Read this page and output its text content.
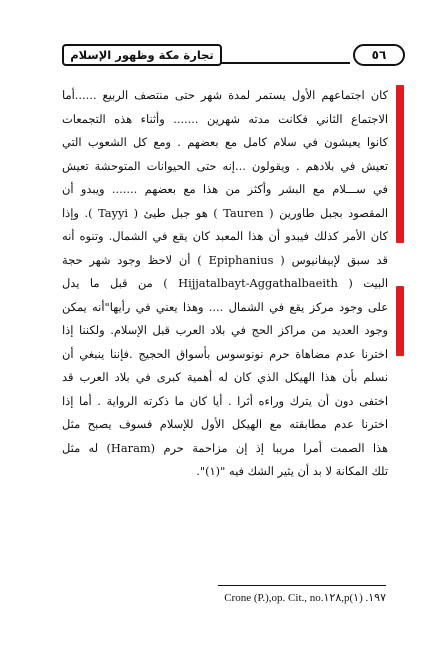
تجارة مكة وظهور الإسلام	٥٦
كان اجتماعهم الأول يستمر لمدة شهر حتى منتصف الربيع ......أما
الاجتماع الثاني فكانت مدته شهرين ....... وأثناء هذه التجمعات
كانوا يعيشون في سلام كامل مع بعضهم . ومع كل الشعوب التي
تعيش في بلادهم . ويقولون ...إنه حتى الحيوانات المتوحشة تعيش
في ســـلام مع البشر وأكثر من هذا مع بعضهم ....... ويبدو أن
المقصود بجبل طاورين ( Tauren ) هو جبل طيئ ( Tayyi ). وإذا
كان الأمر كذلك فيبدو أن هذا المعبد كان يقع في الشمال. وتنوه أنه
قد سبق لإبيفانيوس ( Epiphanius ) أن لاحظ وجود شهر حجة
البيت ( Hijjatalbayt-Aggathalbaeith ) من قبل ما يدل
على وجود مركز يقع في الشمال .... وهذا يعني في رأيها"أنه يمكن
وجود العديد من مراكز الحج في بلاد العرب قبل الإسلام. ولكننا إذا
اخترنا عدم مضاهاة حرم نونوسوس بأسواق الحجيج .فإننا ينبغي أن
نسلم بأن هذا الهيكل الذي كان له أهمية كبرى في بلاد العرب قد
اختفى دون أن يترك وراءه أثرا . أيا كان ما ذكرته الرواية . أما إذا
اخترنا عدم مطابقته مع الهيكل الأول للإسلام فسوف يصبح مثل
هذا الصمت أمرا مريبا إذ إن مزاحمة حرم (Haram) له مثل
تلك المكانة لا بد أن يثير الشك فيه "(١)".
Crone (P.),op. Cit., no.١٢٨,p١٩٧. (١)
